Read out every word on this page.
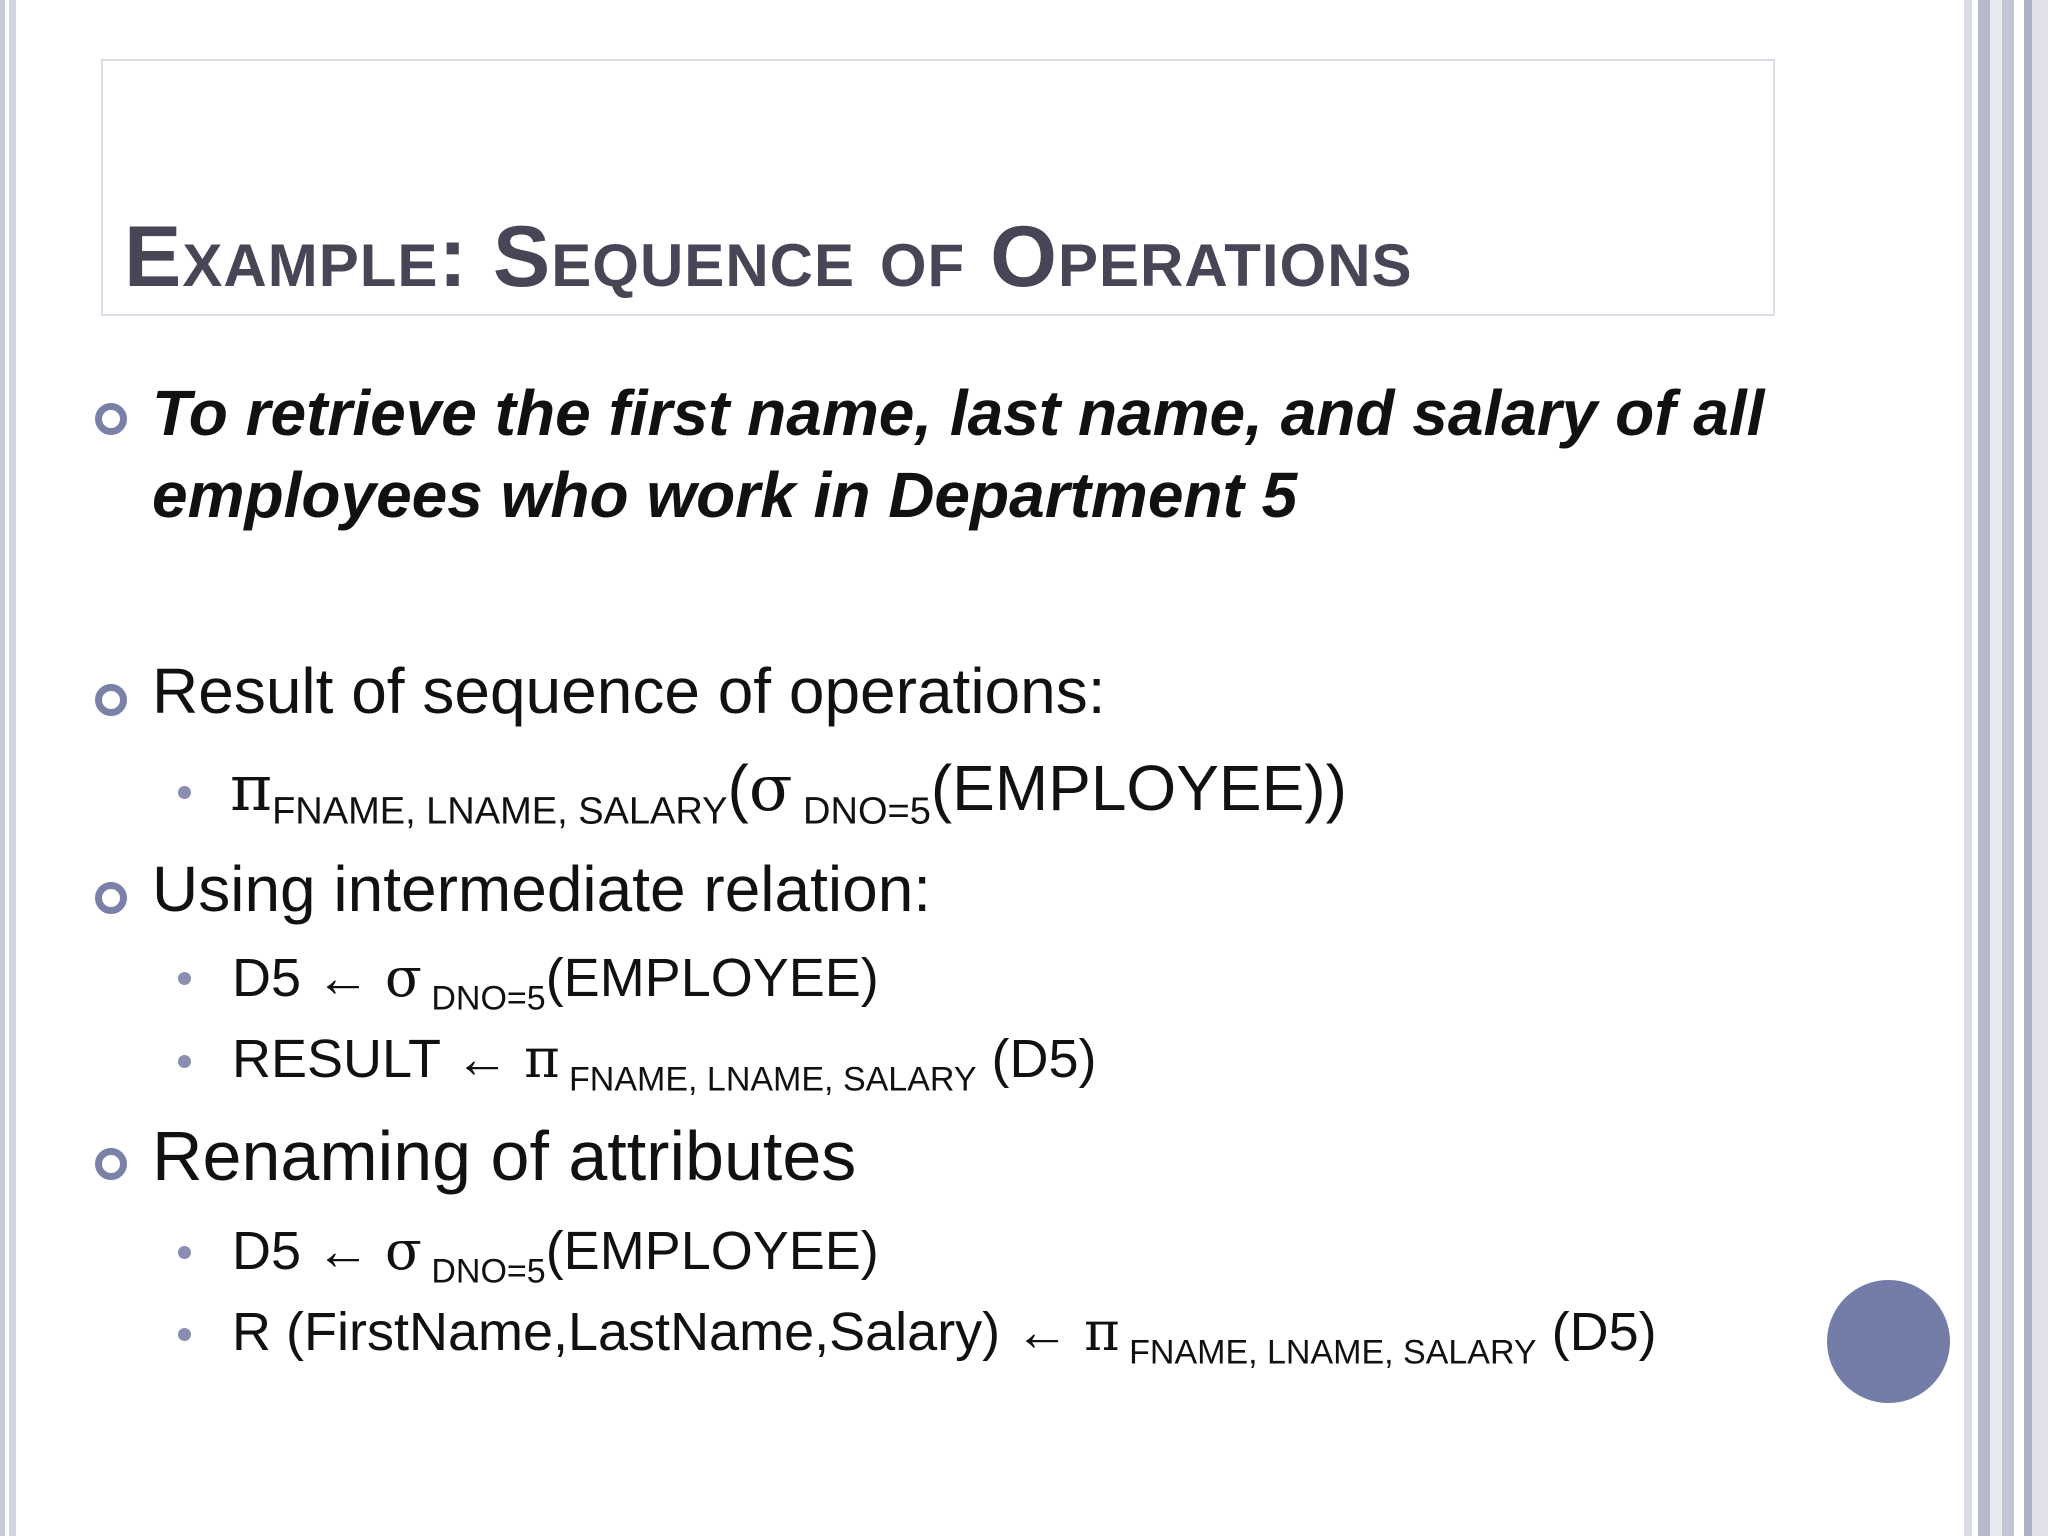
Example: Sequence of Operations

To retrieve the first name, last name, and salary of all

employees who work in Department 5

Result of sequence of operations:

$\pi_{FNAME, LNAME, SALARY}(\sigma$ $_{DNO=5}$(EMPLOYEE))

Using intermediate relation:

D5 ← σ $_{DNO=5}$(EMPLOYEE)

RESULT ← π $_{FNAME, LNAME, SALARY}$ (D5)

Renaming of attributes

D5 ← σ $_{DNO=5}$(EMPLOYEE)

R (FirstName,LastName,Salary) ← π $_{FNAME, LNAME, SALARY}$ (D5)
